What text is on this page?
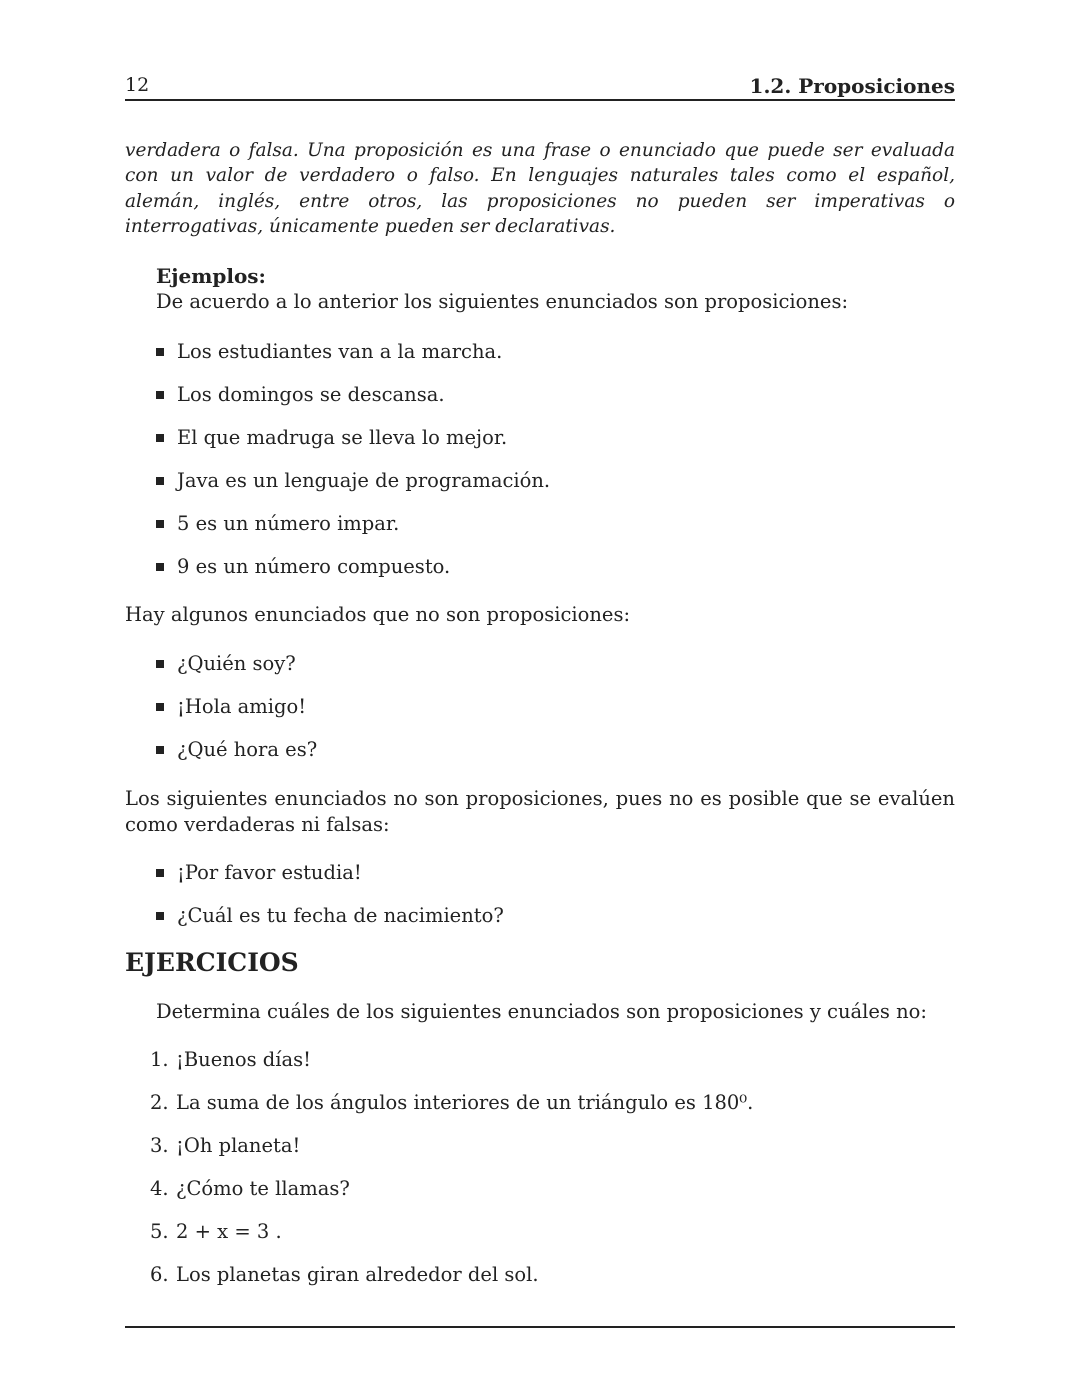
12	1.2. Proposiciones

verdadera o falsa. Una proposición es una frase o enunciado que puede ser evaluada con un valor de verdadero o falso. En lenguajes naturales tales como el español, alemán, inglés, entre otros, las proposiciones no pueden ser imperativas o interrogativas, únicamente pueden ser declarativas.

Ejemplos:
De acuerdo a lo anterior los siguientes enunciados son proposiciones:
Los estudiantes van a la marcha.
Los domingos se descansa.
El que madruga se lleva lo mejor.
Java es un lenguaje de programación.
5 es un número impar.
9 es un número compuesto.
Hay algunos enunciados que no son proposiciones:
¿Quién soy?
¡Hola amigo!
¿Qué hora es?

Los siguientes enunciados no son proposiciones, pues no es posible que se evalúen como verdaderas ni falsas:

¡Por favor estudia!
¿Cuál es tu fecha de nacimiento?
EJERCICIOS
Determina cuáles de los siguientes enunciados son proposiciones y cuáles no:
1. ¡Buenos días!
2. La suma de los ángulos interiores de un triángulo es 180⁰.
3. ¡Oh planeta!
4. ¿Cómo te llamas?
5. 2 + x = 3 .
6. Los planetas giran alrededor del sol.
